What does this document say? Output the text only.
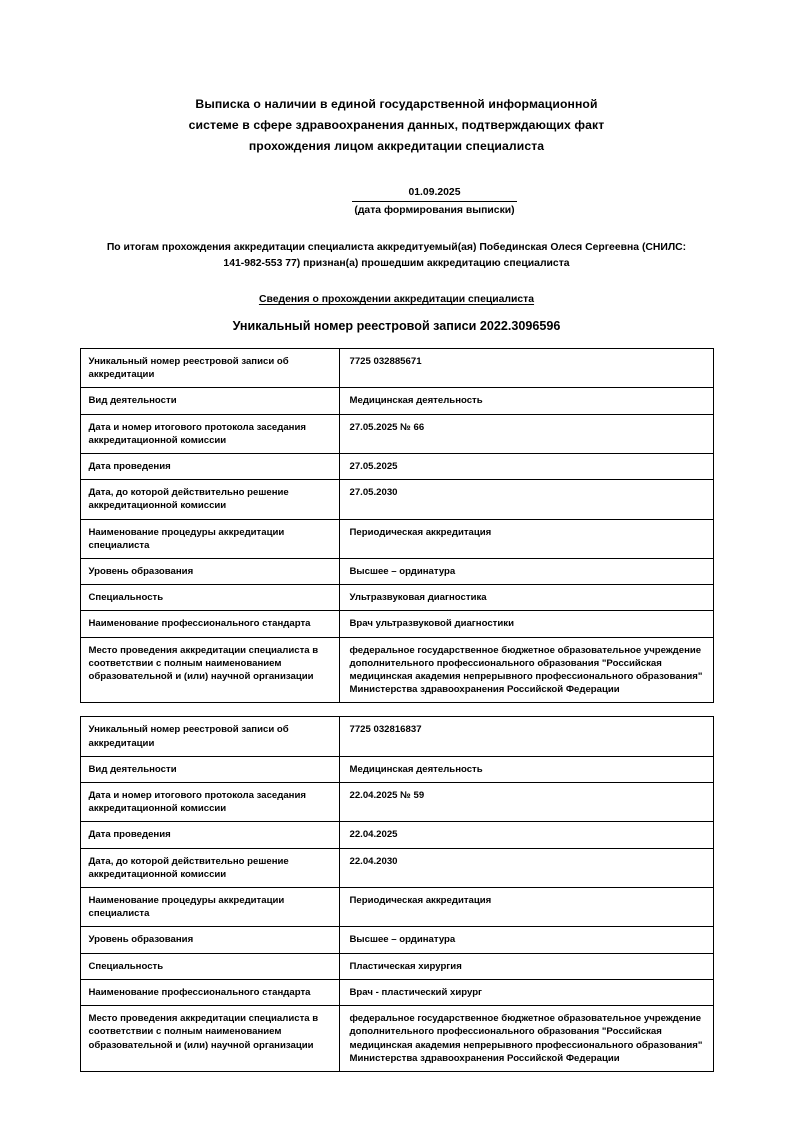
Выписка о наличии в единой государственной информационной
системе в сфере здравоохранения данных, подтверждающих факт
прохождения лицом аккредитации специалиста
01.09.2025
(дата формирования выписки)

По итогам прохождения аккредитации специалиста аккредитуемый(ая) Побединская Олеся Сергеевна (СНИЛС: 141-982-553 77) признан(а) прошедшим аккредитацию специалиста

Сведения о прохождении аккредитации специалиста
Уникальный номер реестровой записи 2022.3096596
Уникальный номер реестровой записи об аккредитации	7725 032885671
Вид деятельности	Медицинская деятельность
Дата и номер итогового протокола заседания аккредитационной комиссии	27.05.2025 № 66
Дата проведения	27.05.2025
Дата, до которой действительно решение аккредитационной комиссии	27.05.2030
Наименование процедуры аккредитации специалиста	Периодическая аккредитация
Уровень образования	Высшее – ординатура
Специальность	Ультразвуковая диагностика
Наименование профессионального стандарта	Врач ультразвуковой диагностики
Место проведения аккредитации специалиста в соответствии с полным наименованием образовательной и (или) научной организации	федеральное государственное бюджетное образовательное учреждение дополнительного профессионального образования "Российская медицинская академия непрерывного профессионального образования" Министерства здравоохранения Российской Федерации
Уникальный номер реестровой записи об аккредитации	7725 032816837
Вид деятельности	Медицинская деятельность
Дата и номер итогового протокола заседания аккредитационной комиссии	22.04.2025 № 59
Дата проведения	22.04.2025
Дата, до которой действительно решение аккредитационной комиссии	22.04.2030
Наименование процедуры аккредитации специалиста	Периодическая аккредитация
Уровень образования	Высшее – ординатура
Специальность	Пластическая хирургия
Наименование профессионального стандарта	Врач - пластический хирург
Место проведения аккредитации специалиста в соответствии с полным наименованием образовательной и (или) научной организации	федеральное государственное бюджетное образовательное учреждение дополнительного профессионального образования "Российская медицинская академия непрерывного профессионального образования" Министерства здравоохранения Российской Федерации
